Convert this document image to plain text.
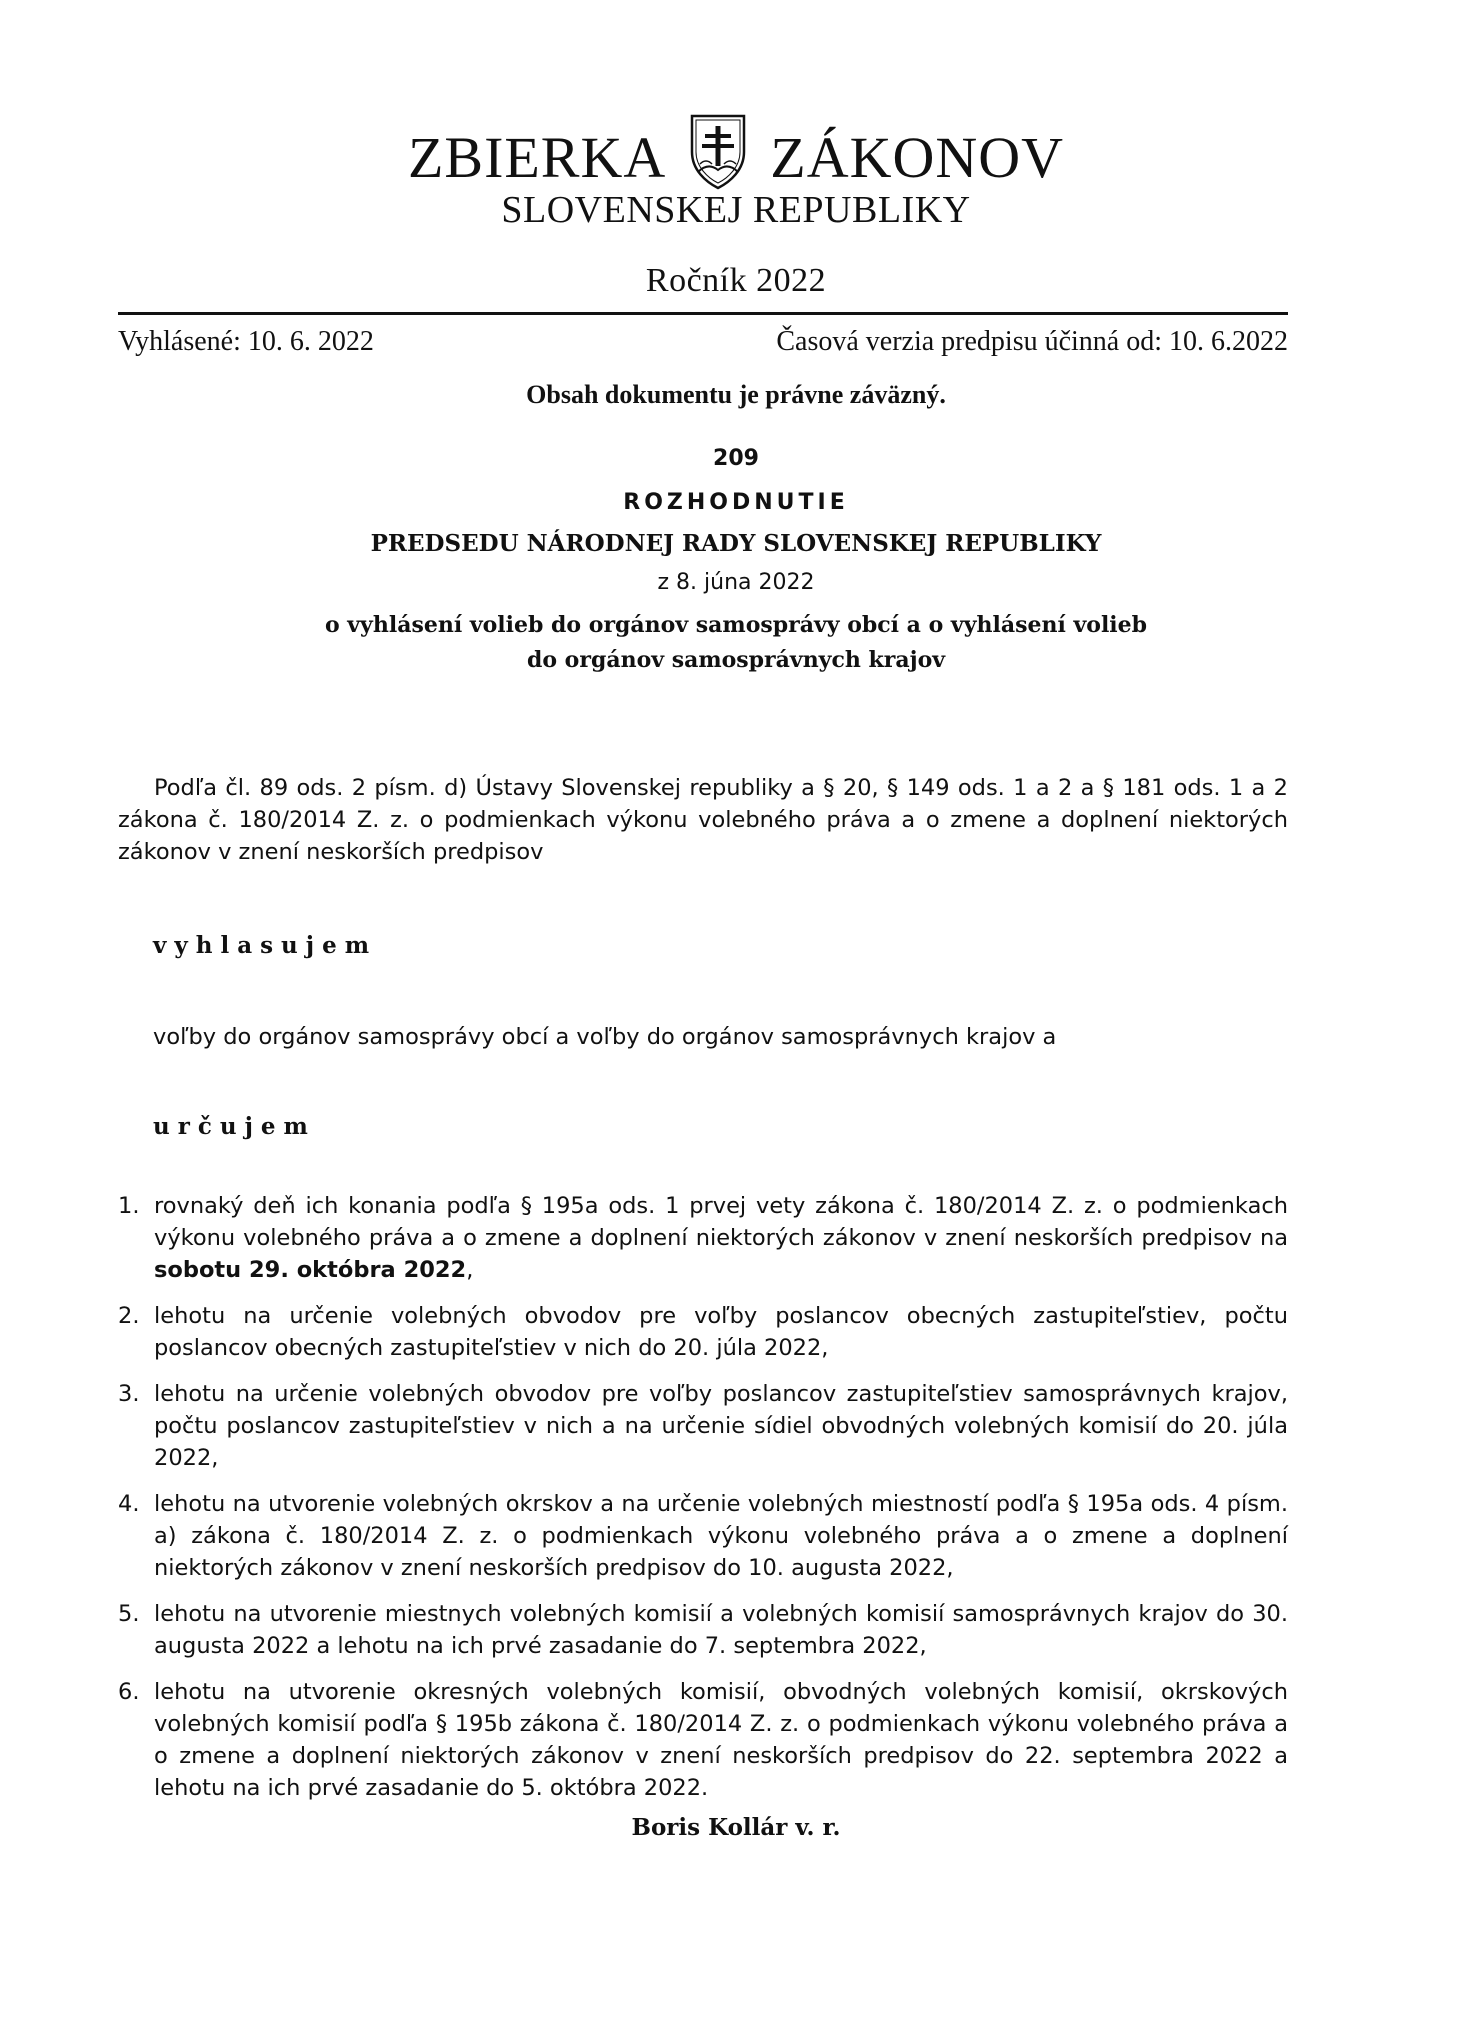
ZBIERKA ZÁKONOV
SLOVENSKEJ REPUBLIKY
Ročník 2022
Vyhlásené: 10. 6. 2022	Časová verzia predpisu účinná od: 10. 6.2022
Obsah dokumentu je právne záväzný.
209
ROZHODNUTIE
PREDSEDU NÁRODNEJ RADY SLOVENSKEJ REPUBLIKY
z 8. júna 2022
o vyhlásení volieb do orgánov samosprávy obcí a o vyhlásení volieb
do orgánov samosprávnych krajov
Podľa čl. 89 ods. 2 písm. d) Ústavy Slovenskej republiky a § 20, § 149 ods. 1 a 2 a § 181 ods. 1 a 2 zákona č. 180/2014 Z. z. o podmienkach výkonu volebného práva a o zmene a doplnení niektorých zákonov v znení neskorších predpisov
vyhlasujem
voľby do orgánov samosprávy obcí a voľby do orgánov samosprávnych krajov a
určujem
1. rovnaký deň ich konania podľa § 195a ods. 1 prvej vety zákona č. 180/2014 Z. z. o podmienkach výkonu volebného práva a o zmene a doplnení niektorých zákonov v znení neskorších predpisov na sobotu 29. októbra 2022,
2. lehotu na určenie volebných obvodov pre voľby poslancov obecných zastupiteľstiev, počtu poslancov obecných zastupiteľstiev v nich do 20. júla 2022,
3. lehotu na určenie volebných obvodov pre voľby poslancov zastupiteľstiev samosprávnych krajov, počtu poslancov zastupiteľstiev v nich a na určenie sídiel obvodných volebných komisií do 20. júla 2022,
4. lehotu na utvorenie volebných okrskov a na určenie volebných miestností podľa § 195a ods. 4 písm. a) zákona č. 180/2014 Z. z. o podmienkach výkonu volebného práva a o zmene a doplnení niektorých zákonov v znení neskorších predpisov do 10. augusta 2022,
5. lehotu na utvorenie miestnych volebných komisií a volebných komisií samosprávnych krajov do 30. augusta 2022 a lehotu na ich prvé zasadanie do 7. septembra 2022,
6. lehotu na utvorenie okresných volebných komisií, obvodných volebných komisií, okrskových volebných komisií podľa § 195b zákona č. 180/2014 Z. z. o podmienkach výkonu volebného práva a o zmene a doplnení niektorých zákonov v znení neskorších predpisov do 22. septembra 2022 a lehotu na ich prvé zasadanie do 5. októbra 2022.
Boris Kollár v. r.
